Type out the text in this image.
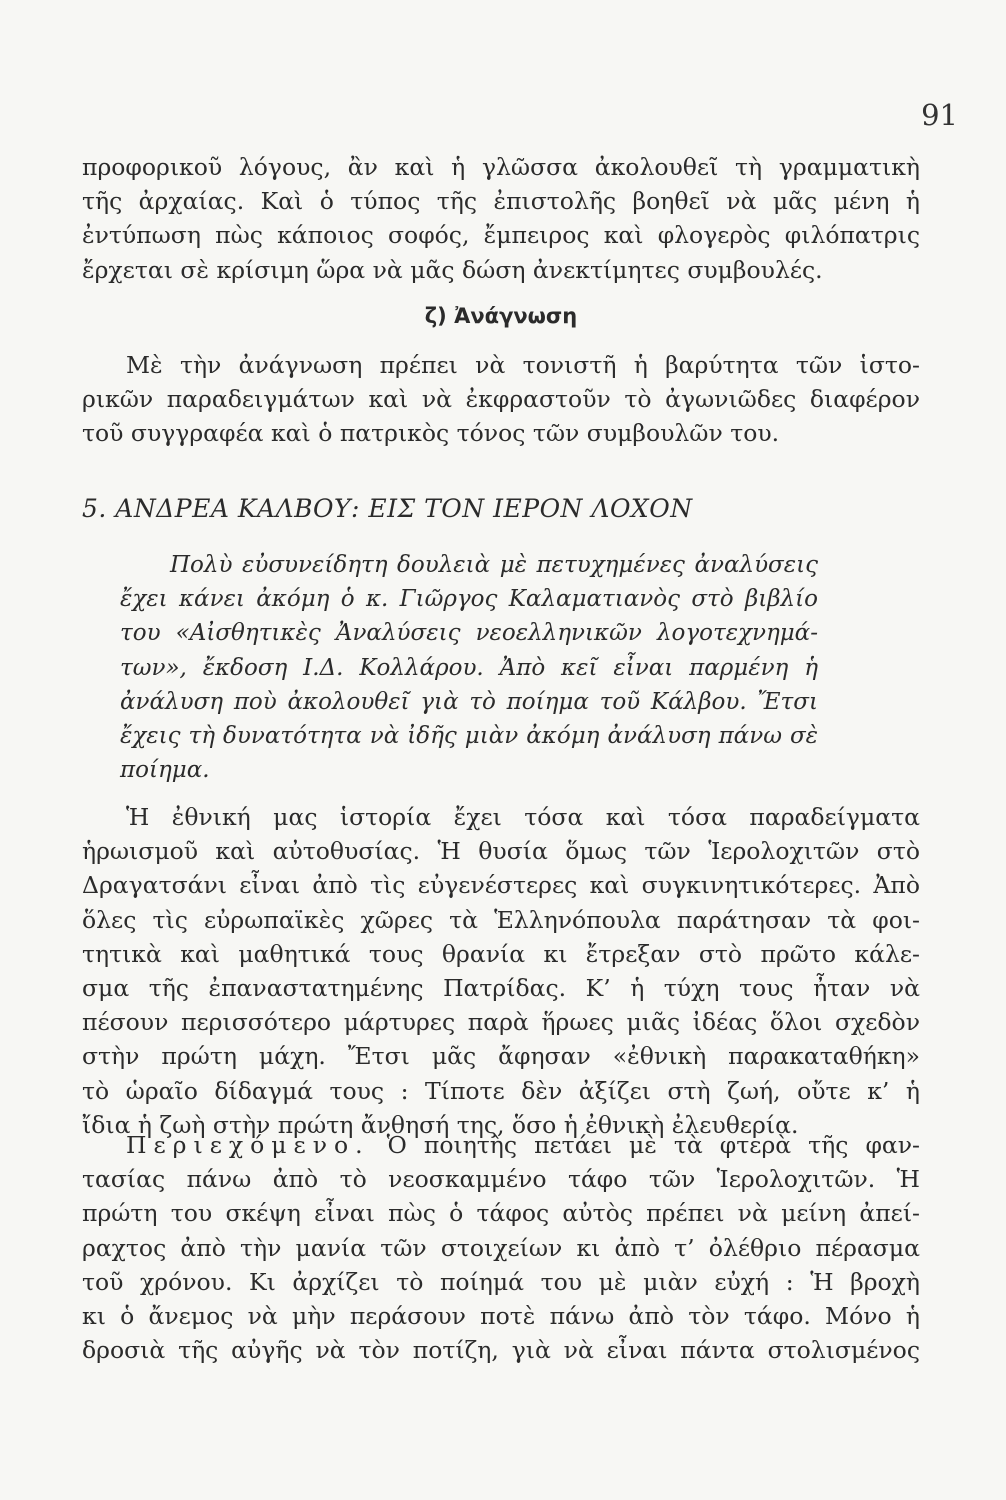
91
προφορικοῦ λόγους, ἂν καὶ ἡ γλῶσσα ἀκολουθεῖ τὴ γραμματικὴ
τῆς ἀρχαίας. Καὶ ὁ τύπος τῆς ἐπιστολῆς βοηθεῖ νὰ μᾶς μένη ἡ
ἐντύπωση πὼς κάποιος σοφός, ἔμπειρος καὶ φλογερὸς φιλόπατρις
ἔρχεται σὲ κρίσιμη ὥρα νὰ μᾶς δώση ἀνεκτίμητες συμβουλές.
ζ) Ἀνάγνωση
Μὲ τὴν ἀνάγνωση πρέπει νὰ τονιστῆ ἡ βαρύτητα τῶν ἱστο-
ρικῶν παραδειγμάτων καὶ νὰ ἐκφραστοῦν τὸ ἀγωνιῶδες διαφέρον
τοῦ συγγραφέα καὶ ὁ πατρικὸς τόνος τῶν συμβουλῶν του.
5. ΑΝΔΡΕΑ ΚΑΛΒΟΥ: ΕΙΣ ΤΟΝ ΙΕΡΟΝ ΛΟΧΟΝ
Πολὺ εὐσυνείδητη δουλειὰ μὲ πετυχημένες ἀναλύσεις
ἔχει κάνει ἀκόμη ὁ κ. Γιῶργος Καλαματιανὸς στὸ βιβλίο
του «Αἰσθητικὲς Ἀναλύσεις νεοελληνικῶν λογοτεχνημά-
των», ἔκδοση Ι.Δ. Κολλάρου. Ἀπὸ κεῖ εἶναι παρμένη ἡ
ἀνάλυση ποὺ ἀκολουθεῖ γιὰ τὸ ποίημα τοῦ Κάλβου. Ἔτσι
ἔχεις τὴ δυνατότητα νὰ ἰδῆς μιὰν ἀκόμη ἀνάλυση πάνω σὲ
ποίημα.
Ἡ ἐθνική μας ἱστορία ἔχει τόσα καὶ τόσα παραδείγματα
ἡρωισμοῦ καὶ αὐτοθυσίας. Ἡ θυσία ὅμως τῶν Ἱερολοχιτῶν στὸ
Δραγατσάνι εἶναι ἀπὸ τὶς εὐγενέστερες καὶ συγκινητικότερες. Ἀπὸ
ὅλες τὶς εὐρωπαϊκὲς χῶρες τὰ Ἑλληνόπουλα παράτησαν τὰ φοι-
τητικὰ καὶ μαθητικά τους θρανία κι ἔτρεξαν στὸ πρῶτο κάλε-
σμα τῆς ἐπαναστατημένης Πατρίδας. Κ’ ἡ τύχη τους ἦταν νὰ
πέσουν περισσότερο μάρτυρες παρὰ ἥρωες μιᾶς ἰδέας ὅλοι σχεδὸν
στὴν πρώτη μάχη. Ἔτσι μᾶς ἄφησαν «ἐθνικὴ παρακαταθήκη»
τὸ ὡραῖο δίδαγμά τους : Τίποτε δὲν ἀξίζει στὴ ζωή, οὔτε κ’ ἡ
ἴδια ἡ ζωὴ στὴν πρώτη ἄνθησή της, ὅσο ἡ ἐθνικὴ ἐλευθερία.
Περιεχόμενο. Ὁ ποιητὴς πετάει μὲ τὰ φτερὰ τῆς φαν-
τασίας πάνω ἀπὸ τὸ νεοσκαμμένο τάφο τῶν Ἱερολοχιτῶν. Ἡ
πρώτη του σκέψη εἶναι πὼς ὁ τάφος αὐτὸς πρέπει νὰ μείνη ἀπεί-
ραχτος ἀπὸ τὴν μανία τῶν στοιχείων κι ἀπὸ τ’ ὀλέθριο πέρασμα
τοῦ χρόνου. Κι ἀρχίζει τὸ ποίημά του μὲ μιὰν εὐχή : Ἡ βροχὴ
κι ὁ ἄνεμος νὰ μὴν περάσουν ποτὲ πάνω ἀπὸ τὸν τάφο. Μόνο ἡ
δροσιὰ τῆς αὐγῆς νὰ τὸν ποτίζη, γιὰ νὰ εἶναι πάντα στολισμένος
